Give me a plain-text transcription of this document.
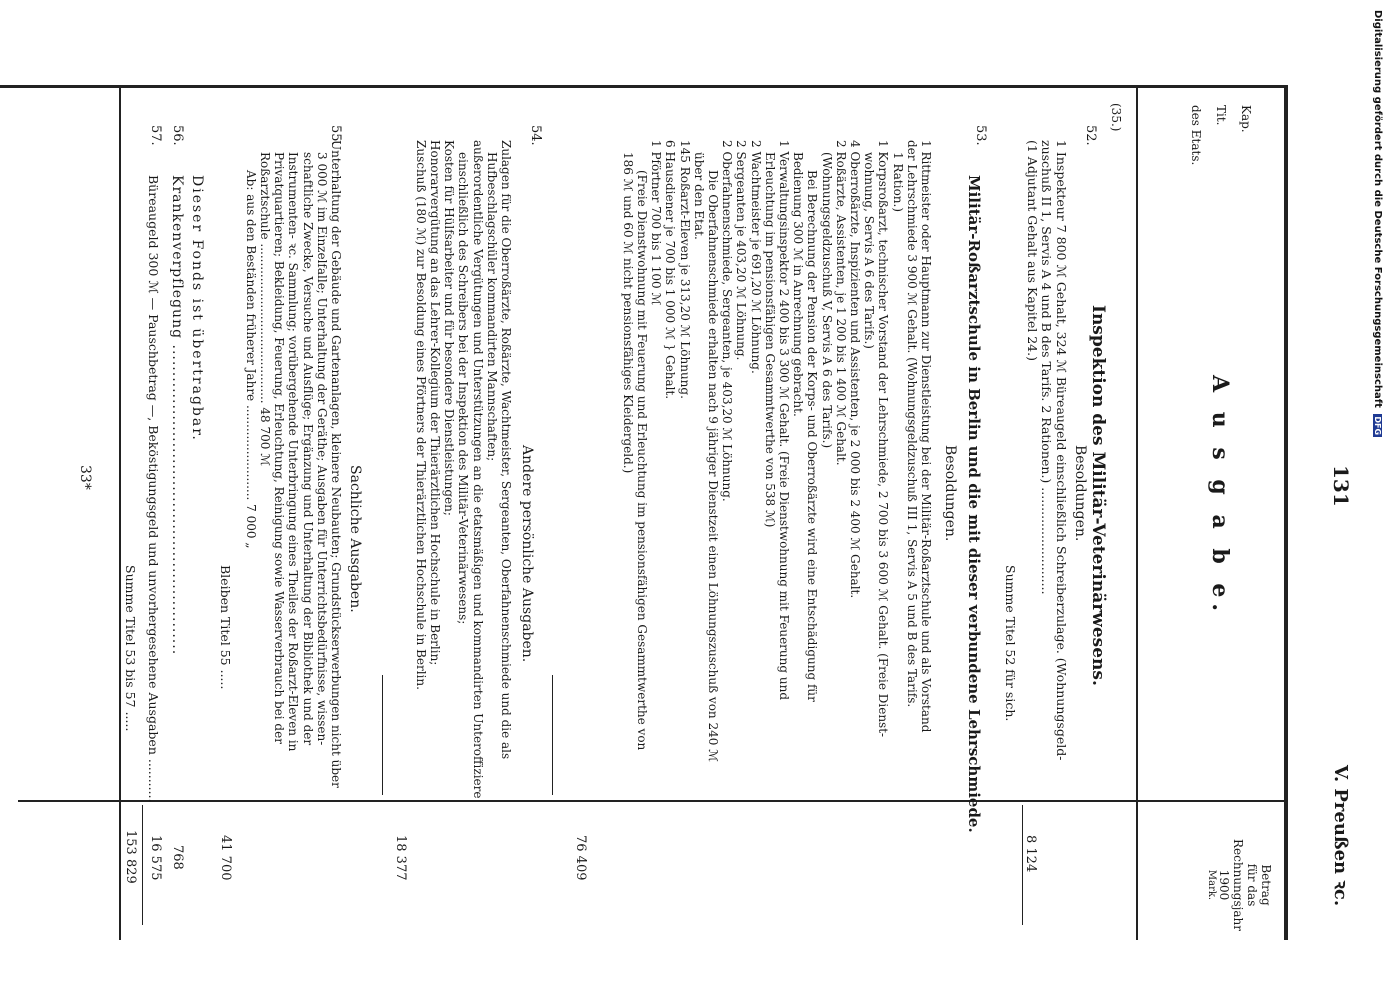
131
V. Preußen ꝛc.
Kap.
Tit.
des Etats.
A u s g a b e.
Betrag
für das
Rechnungsjahr
1900
Mark.
(35.)
52.
Inspektion des Militär-Veterinärwesens.
Besoldungen.
1 Inspekteur 7 800 ℳ Gehalt, 324 ℳ Büreaugeld einschließlich Schreiberzulage. (Wohnungsgeld-
zuschuß II 1, Servis A 4 und B des Tarifs. 2 Rationen.) ...........................
(1 Adjutant Gehalt aus Kapitel 24.)
8 124
Summe Titel 52 für sich.
53.
Militär-Roßarztschule in Berlin und die mit dieser verbundene Lehrschmiede.
Besoldungen.
1 Rittmeister oder Hauptmann zur Dienstleistung bei der Militär-Roßarztschule und als Vorstand
der Lehrschmiede 3 900 ℳ Gehalt. (Wohnungsgeldzuschuß III 1, Servis A 5 und B des Tarifs.
1 Ration.)
1 Korpsroßarzt, technischer Vorstand der Lehrschmiede, 2 700 bis 3 600 ℳ Gehalt. (Freie Dienst-
wohnung, Servis A 6 des Tarifs.)
4 Oberroßärzte, Inspizienten und Assistenten, je 2 000 bis 2 400 ℳ Gehalt.
2 Roßärzte, Assistenten, je 1 200 bis 1 400 ℳ Gehalt.
(Wohnungsgeldzuschuß V, Servis A 6 des Tarifs.)
Bei Berechnung der Pension der Korps- und Oberroßärzte wird eine Entschädigung für
Bedienung 300 ℳ in Anrechnung gebracht.
1 Verwaltungsinspektor 2 400 bis 3 300 ℳ Gehalt. (Freie Dienstwohnung mit Feuerung und
Erleuchtung im pensionsfähigen Gesammtwerthe von 538 ℳ)
2 Wachtmeister je 691,20 ℳ Löhnung.
2 Sergeanten je 403,20 ℳ Löhnung.
2 Oberfahnenschmiede, Sergeanten, je 403,20 ℳ Löhnung.
Die Oberfahnenschmiede erhalten nach 9 jähriger Dienstzeit einen Löhnungszuschuß von 240 ℳ
über den Etat.
145 Roßarzt-Eleven je 313,20 ℳ Löhnung.
6 Hausdiener je 700 bis 1 000 ℳ } Gehalt.
1 Pförtner 700 bis 1 100 ℳ
(Freie Dienstwohnung mit Feuerung und Erleuchtung im pensionsfähigen Gesammtwerthe von
186 ℳ und 60 ℳ nicht pensionsfähiges Kleidergeld.)
76 409
54.
Andere persönliche Ausgaben.
Zulagen für die Oberroßärzte, Roßärzte, Wachtmeister, Sergeanten, Oberfahnenschmiede und die als
Hufbeschlagschüler kommandirten Mannschaften;
außerordentliche Vergütungen und Unterstützungen an die etatsmäßigen und kommandirten Unteroffiziere
einschließlich des Schreibers bei der Inspektion des Militär-Veterinärwesens;
Kosten für Hülfsarbeiter und für besondere Dienstleistungen;
Honorarvergütung an das Lehrer-Kollegium der Thierärztlichen Hochschule in Berlin;
Zuschuß (180 ℳ) zur Besoldung eines Pförtners der Thierärztlichen Hochschule in Berlin.
18 377
55.
Sachliche Ausgaben.
Unterhaltung der Gebäude und Gartenanlagen, kleinere Neubauten; Grundstückserwerbungen nicht über
3 000 ℳ im Einzelfalle; Unterhaltung der Geräthe; Ausgaben für Unterrichtsbedürfnisse, wissen-
schaftliche Zwecke, Versuche und Ausflüge; Ergänzung und Unterhaltung der Bibliothek und der
Instrumenten- ꝛc. Sammlung; vorübergehende Unterbringung eines Theiles der Roßarzt-Eleven in
Privatquartieren; Bekleidung, Feuerung, Erleuchtung, Reinigung sowie Wasserverbrauch bei der
Roßarztschule .......................................... 48 700 ℳ
Ab: aus den Beständen früherer Jahre ......................... 7 000 „
Bleiben Titel 55 .....
41 700
Dieser Fonds ist übertragbar.
56.
Krankenverpflegung .........................................................
768
57.
Büreaugeld 300 ℳ — Pauschbetrag —, Beköstigungsgeld und unvorhergesehene Ausgaben ...........
16 575
Summe Titel 53 bis 57 .....
153 829
33*
Digitalisierung gefördert durch die Deutsche Forschungsgemeinschaft DFG
